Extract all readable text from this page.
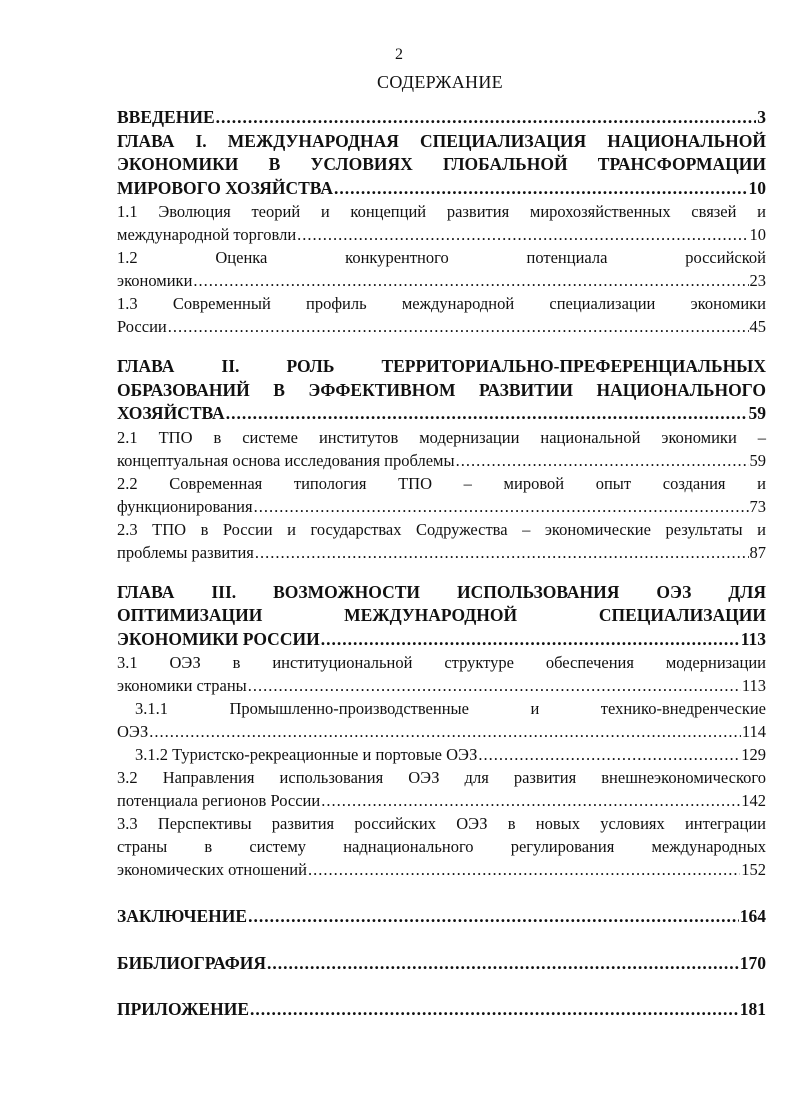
2
СОДЕРЖАНИЕ
ВВЕДЕНИЕ .....	3
ГЛАВА I. МЕЖДУНАРОДНАЯ СПЕЦИАЛИЗАЦИЯ НАЦИОНАЛЬНОЙ
ЭКОНОМИКИ В УСЛОВИЯХ ГЛОБАЛЬНОЙ ТРАНСФОРМАЦИИ
МИРОВОГО ХОЗЯЙСТВА .....	10
1.1 Эволюция теорий и концепций развития мирохозяйственных связей и
международной торговли .....	10
1.2 Оценка конкурентного потенциала российской
экономики .....	23
1.3 Современный профиль международной специализации экономики
России .....	45
ГЛАВА II. РОЛЬ ТЕРРИТОРИАЛЬНО-ПРЕФЕРЕНЦИАЛЬНЫХ
ОБРАЗОВАНИЙ В ЭФФЕКТИВНОМ РАЗВИТИИ НАЦИОНАЛЬНОГО
ХОЗЯЙСТВА .....	59
2.1 ТПО в системе институтов модернизации национальной экономики –
концептуальная основа исследования проблемы .....	59
2.2 Современная типология ТПО – мировой опыт создания и
функционирования .....	73
2.3 ТПО в России и государствах Содружества – экономические результаты и
проблемы развития .....	87
ГЛАВА III. ВОЗМОЖНОСТИ ИСПОЛЬЗОВАНИЯ ОЭЗ ДЛЯ
ОПТИМИЗАЦИИ МЕЖДУНАРОДНОЙ СПЕЦИАЛИЗАЦИИ
ЭКОНОМИКИ РОССИИ .....	113
3.1 ОЭЗ в институциональной структуре обеспечения модернизации
экономики страны .....	113
3.1.1 Промышленно-производственные и технико-внедренческие
ОЭЗ .....	114
3.1.2 Туристско-рекреационные и портовые ОЭЗ .....	129
3.2 Направления использования ОЭЗ для развития внешнеэкономического
потенциала регионов России .....	142
3.3 Перспективы развития российских ОЭЗ в новых условиях интеграции
страны в систему наднационального регулирования международных
экономических отношений .....	152
ЗАКЛЮЧЕНИЕ .....	164
БИБЛИОГРАФИЯ .....	170
ПРИЛОЖЕНИЕ .....	181
